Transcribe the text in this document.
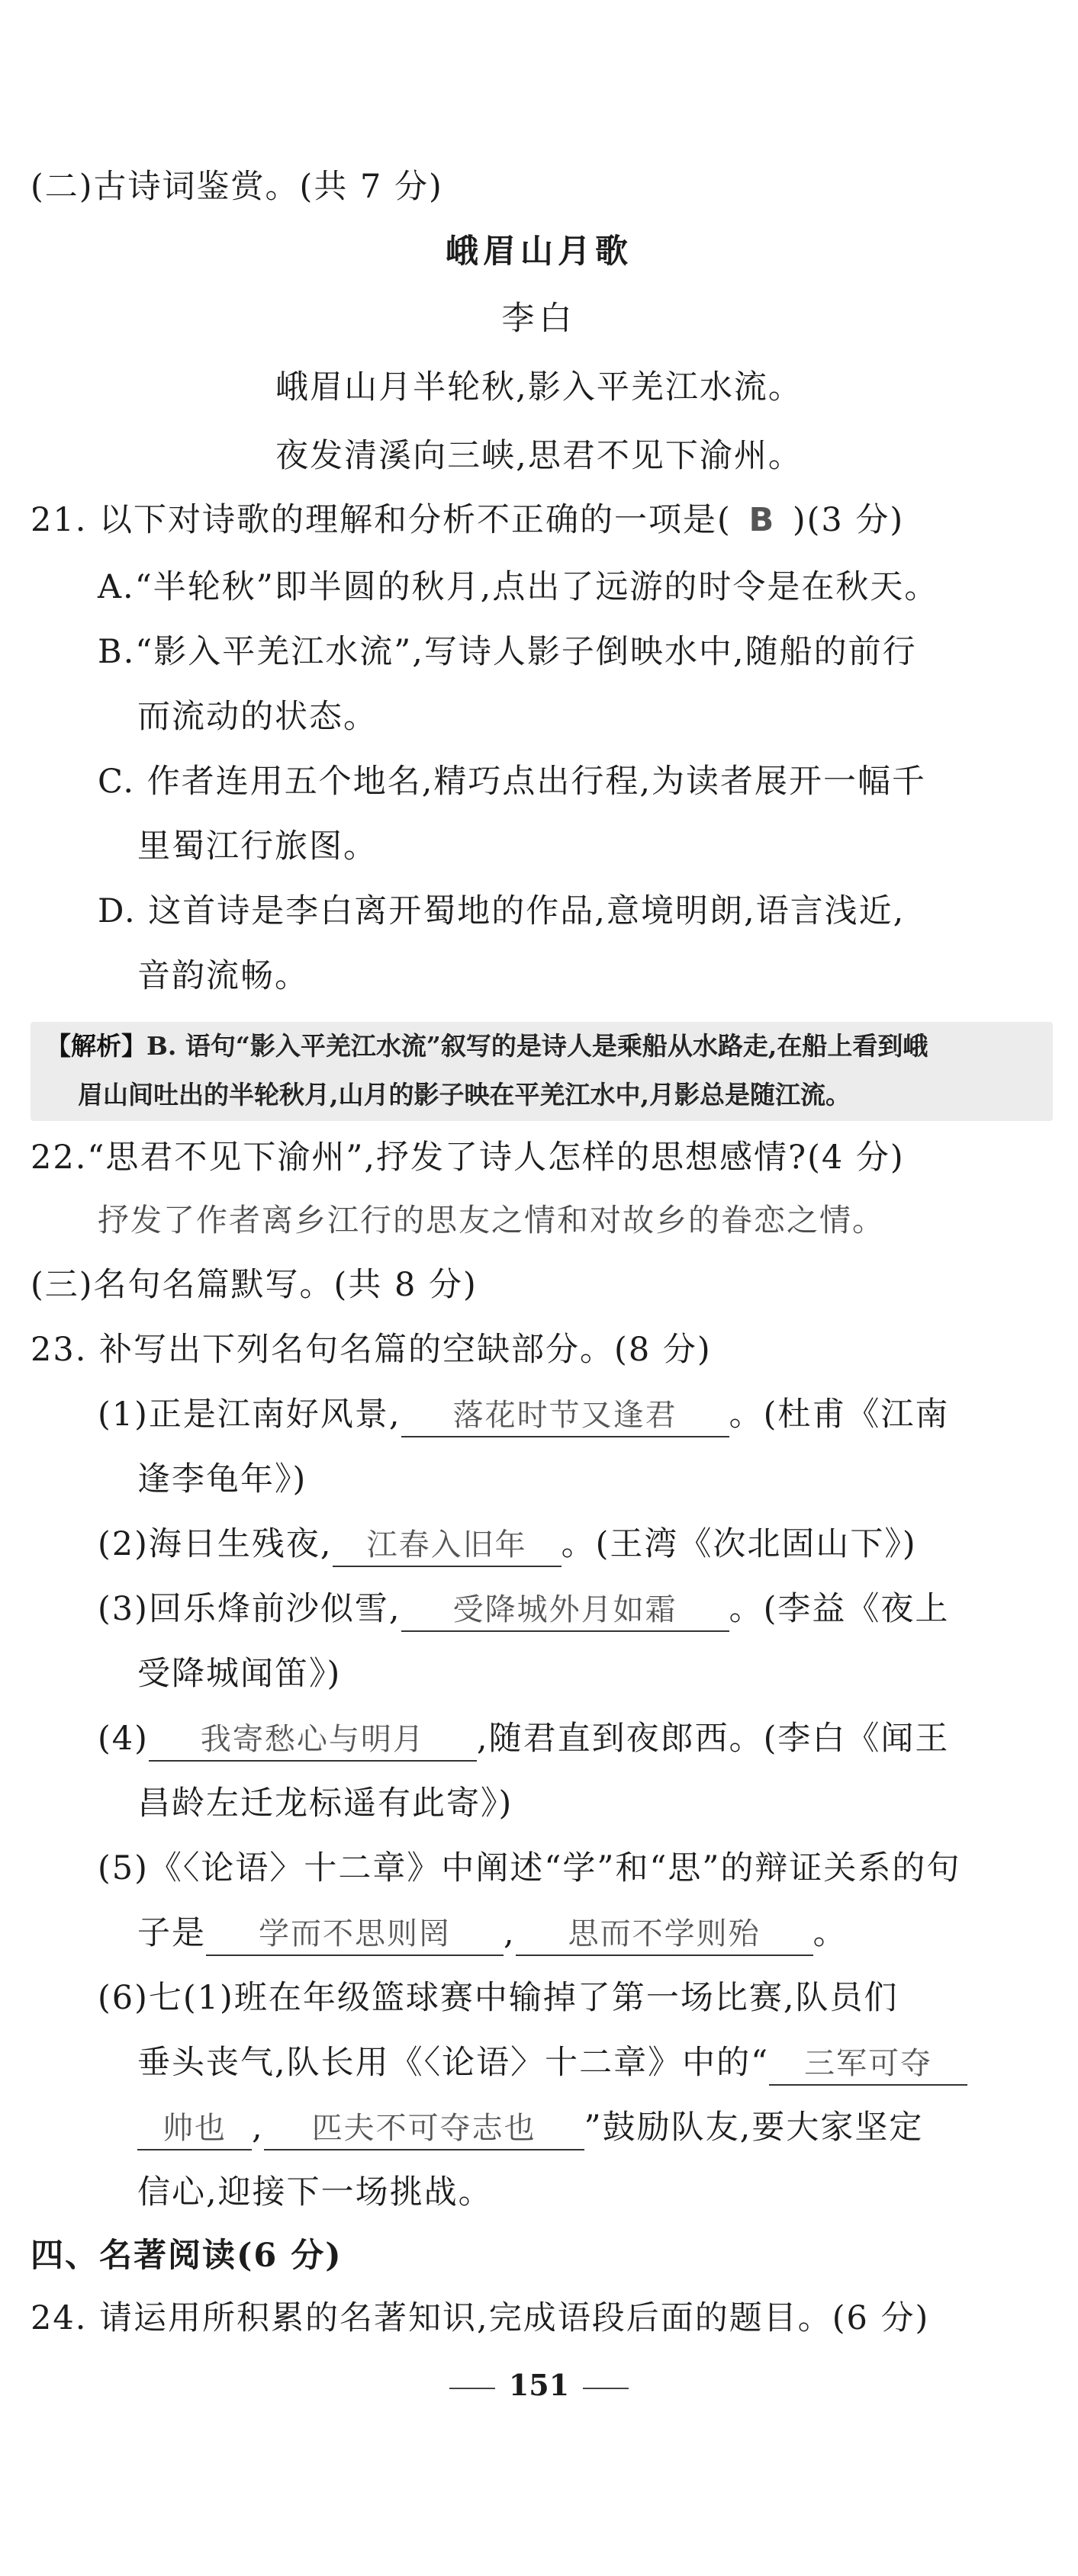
(二)古诗词鉴赏。(共 7 分)
峨眉山月歌
李白
峨眉山月半轮秋,影入平羌江水流。
夜发清溪向三峡,思君不见下渝州。
21. 以下对诗歌的理解和分析不正确的一项是( B )(3 分)
A.“半轮秋”即半圆的秋月,点出了远游的时令是在秋天。
B.“影入平羌江水流”,写诗人影子倒映水中,随船的前行
而流动的状态。
C. 作者连用五个地名,精巧点出行程,为读者展开一幅千
里蜀江行旅图。
D. 这首诗是李白离开蜀地的作品,意境明朗,语言浅近,
音韵流畅。
【解析】B. 语句“影入平羌江水流”叙写的是诗人是乘船从水路走,在船上看到峨
眉山间吐出的半轮秋月,山月的影子映在平羌江水中,月影总是随江流。
22.“思君不见下渝州”,抒发了诗人怎样的思想感情?(4 分)
抒发了作者离乡江行的思友之情和对故乡的眷恋之情。
(三)名句名篇默写。(共 8 分)
23. 补写出下列名句名篇的空缺部分。(8 分)
(1)正是江南好风景, 落花时节又逢君 。(杜甫《江南
逢李龟年》)
(2)海日生残夜, 江春入旧年 。(王湾《次北固山下》)
(3)回乐烽前沙似雪, 受降城外月如霜 。(李益《夜上
受降城闻笛》)
(4) 我寄愁心与明月 ,随君直到夜郎西。(李白《闻王
昌龄左迁龙标遥有此寄》)
(5)《〈论语〉十二章》中阐述“学”和“思”的辩证关系的句
子是 学而不思则罔 , 思而不学则殆 。
(6)七(1)班在年级篮球赛中输掉了第一场比赛,队员们
垂头丧气,队长用《〈论语〉十二章》中的“ 三军可夺
帅也 , 匹夫不可夺志也 ”鼓励队友,要大家坚定
信心,迎接下一场挑战。
四、名著阅读(6 分)
24. 请运用所积累的名著知识,完成语段后面的题目。(6 分)
151
